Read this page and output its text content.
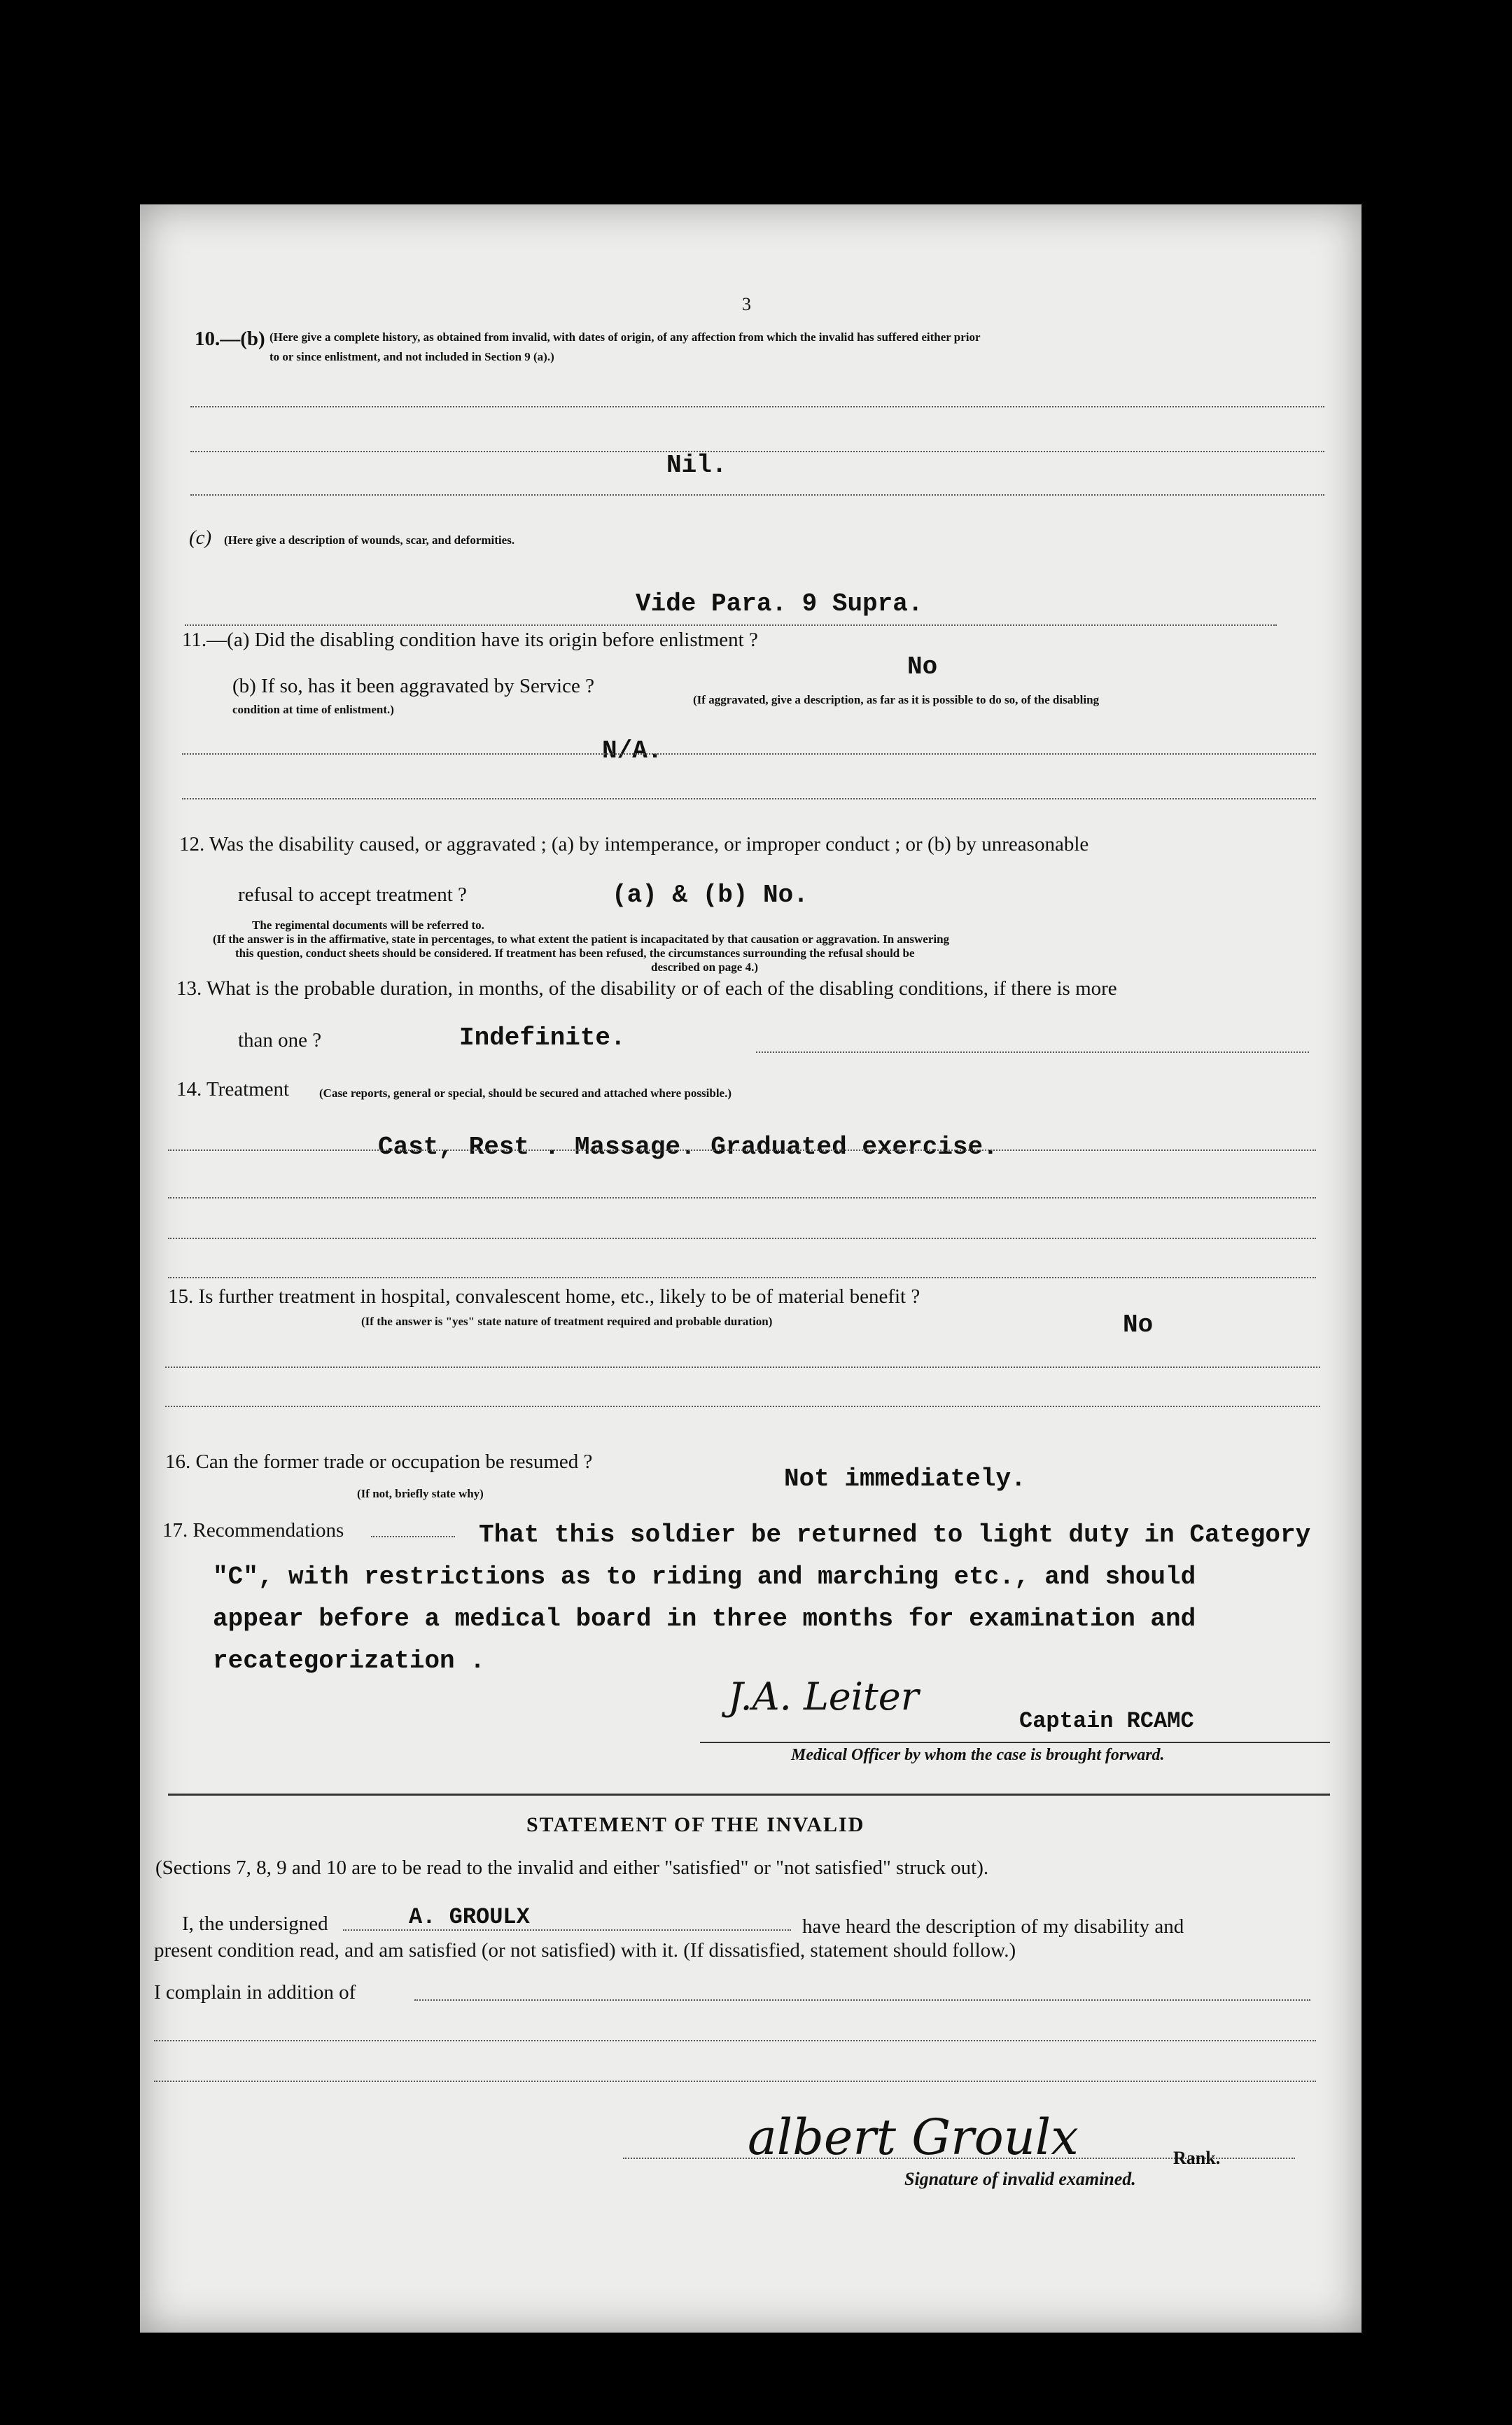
3
10.—(b) (Here give a complete history, as obtained from invalid, with dates of origin, of any affection from which the invalid has suffered either prior
to or since enlistment, and not included in Section 9 (a).)
Nil.
(c) (Here give a description of wounds, scar, and deformities.
Vide Para. 9 Supra.
11.—(a) Did the disabling condition have its origin before enlistment ?
No
(b) If so, has it been aggravated by Service ?
(If aggravated, give a description, as far as it is possible to do so, of the disabling
condition at time of enlistment.)
N/A.
12. Was the disability caused, or aggravated ; (a) by intemperance, or improper conduct ; or (b) by unreasonable
refusal to accept treatment ?	(a) & (b) No.
The regimental documents will be referred to.
(If the answer is in the affirmative, state in percentages, to what extent the patient is incapacitated by that causation or aggravation. In answering
this question, conduct sheets should be considered. If treatment has been refused, the circumstances surrounding the refusal should be
described on page 4.)
13. What is the probable duration, in months, of the disability or of each of the disabling conditions, if there is more
than one ?	Indefinite.
14. Treatment	(Case reports, general or special, should be secured and attached where possible.)
Cast, Rest . Massage. Graduated exercise.
15. Is further treatment in hospital, convalescent home, etc., likely to be of material benefit ?
(If the answer is "yes" state nature of treatment required and probable duration)	No
16. Can the former trade or occupation be resumed ?
(If not, briefly state why)
Not immediately.
17. Recommendations	That this soldier be returned to light duty in Category
"C", with restrictions as to riding and marching etc., and should
appear before a medical board in three months for examination and
recategorization .
J.A. Leiter
Captain RCAMC
Medical Officer by whom the case is brought forward.
STATEMENT OF THE INVALID
(Sections 7, 8, 9 and 10 are to be read to the invalid and either "satisfied" or "not satisfied" struck out).
I, the undersigned	A. GROULX	have heard the description of my disability and
present condition read, and am satisfied (or not satisfied) with it. (If dissatisfied, statement should follow.)
I complain in addition of
albert Groulx	Rank.
Signature of invalid examined.
